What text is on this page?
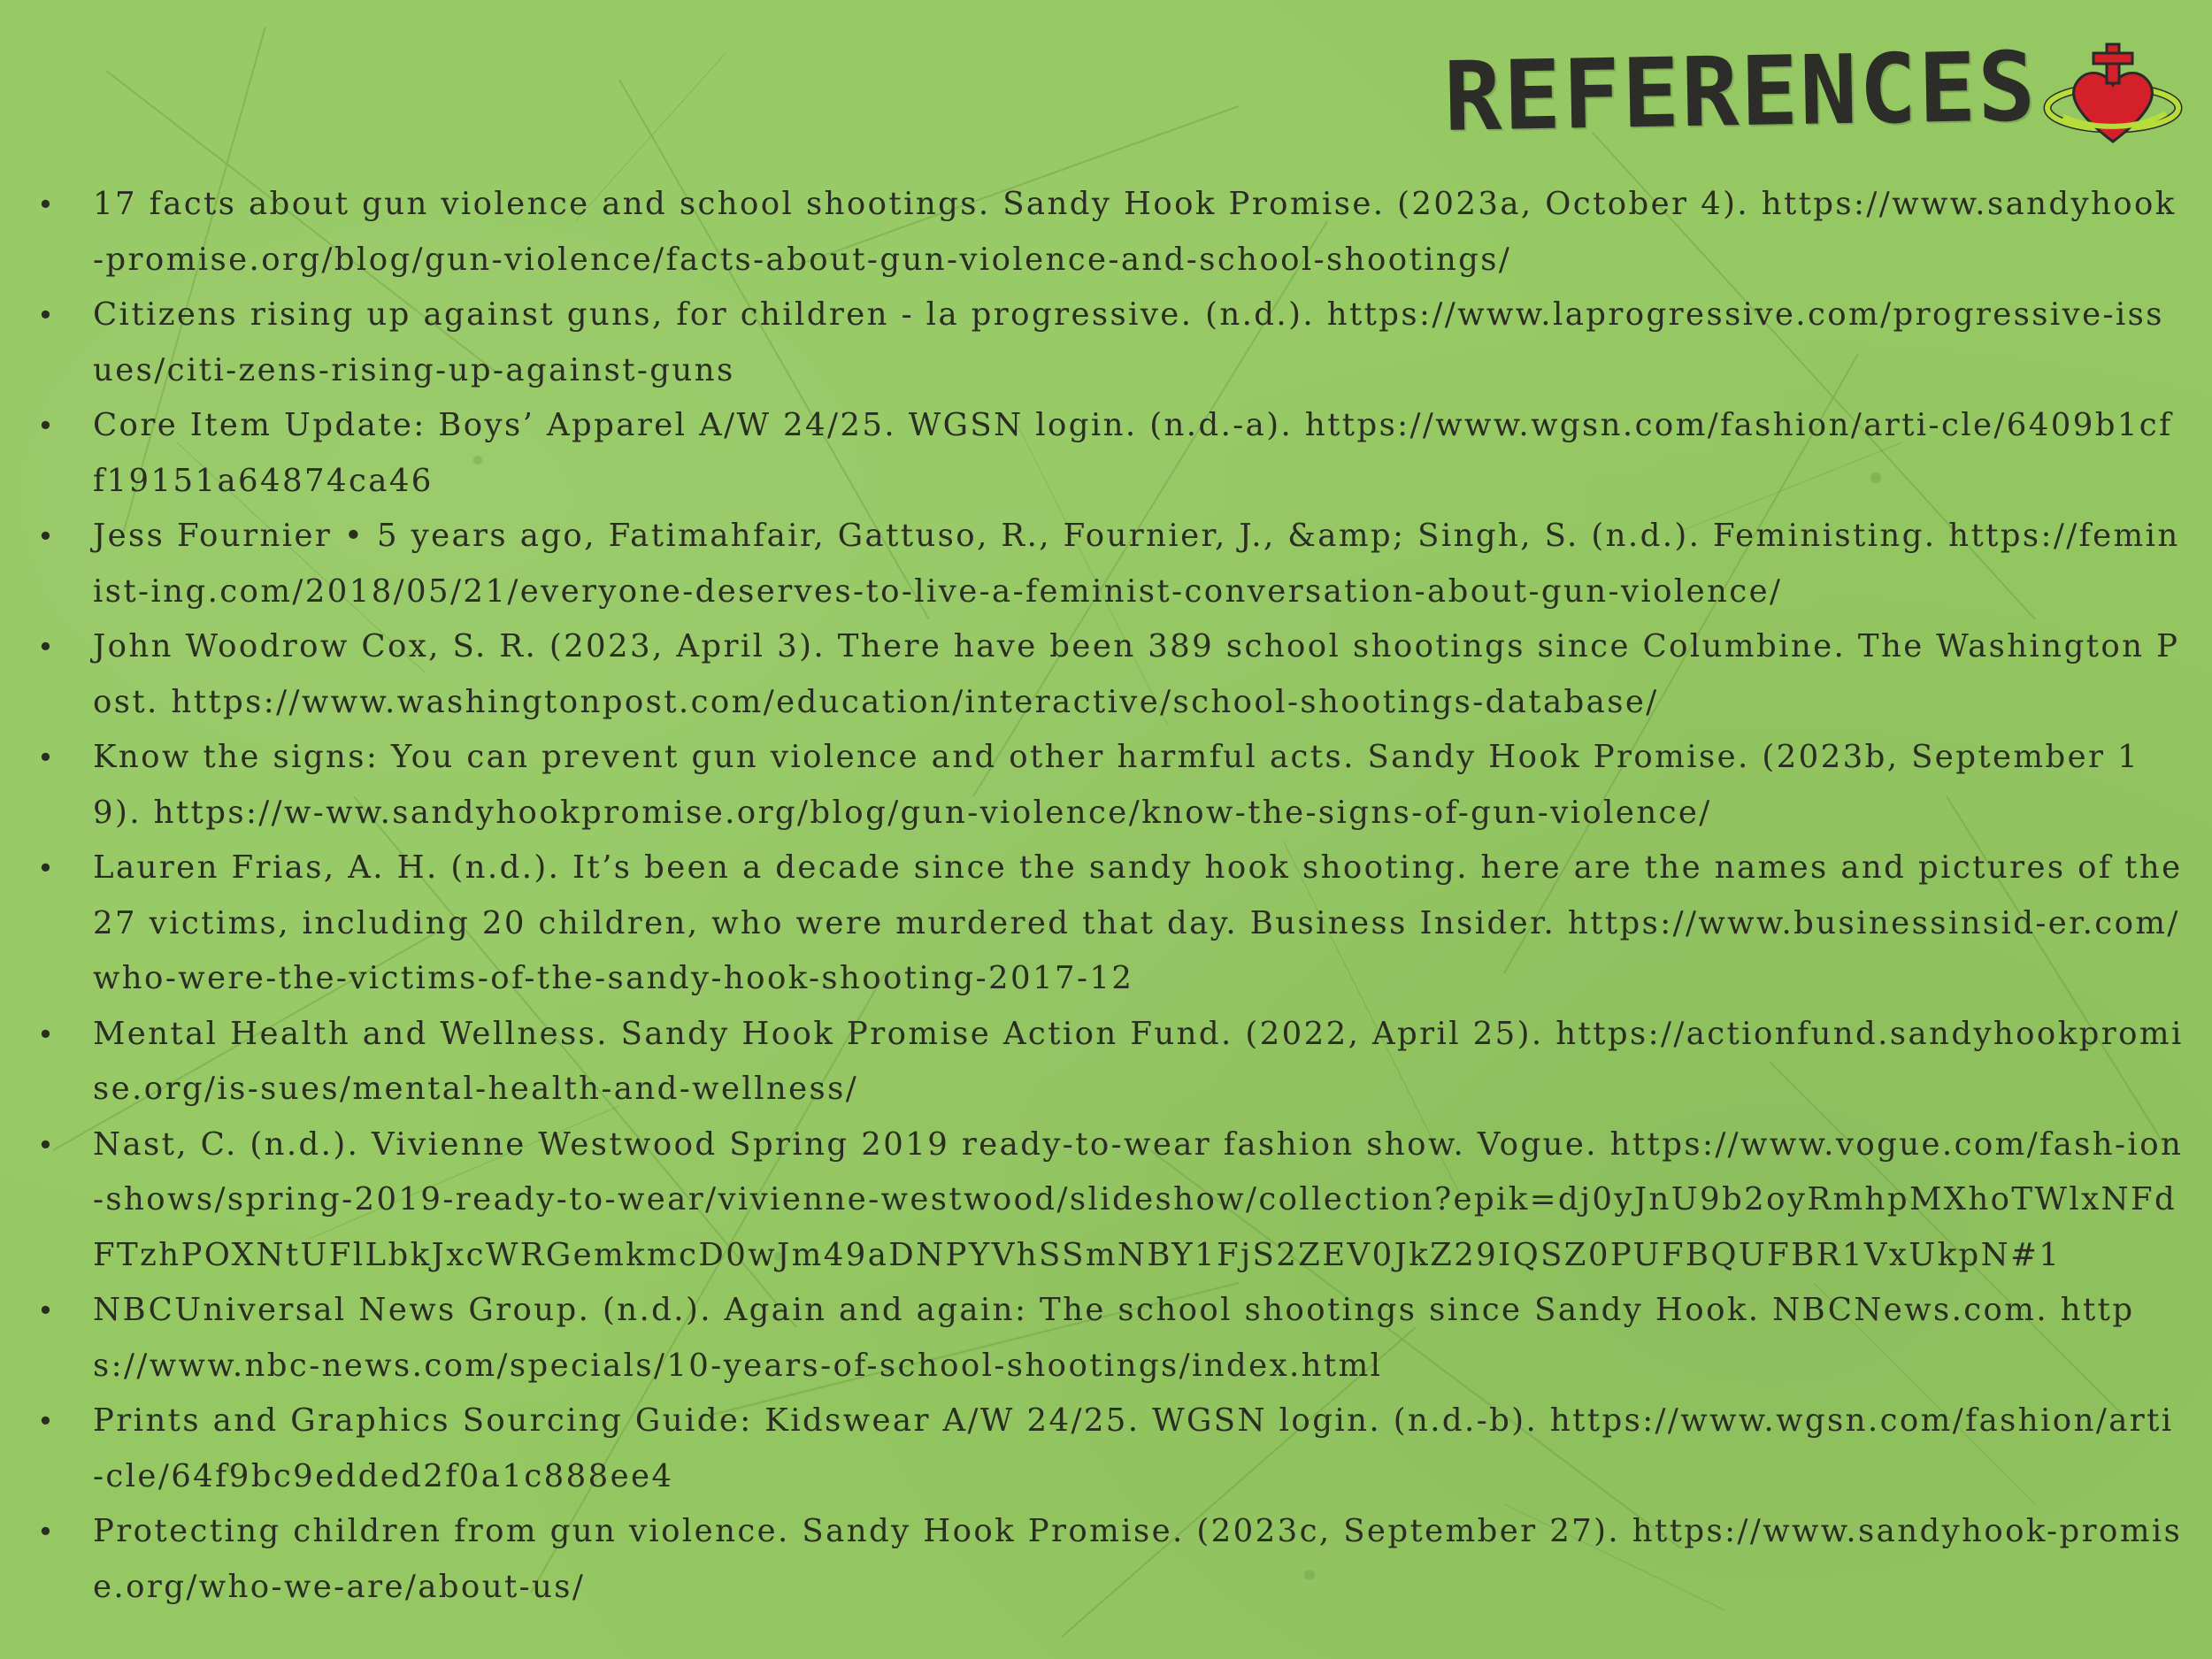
REFERENCES
• 17 facts about gun violence and school shootings. Sandy Hook Promise. (2023a, October 4). https://www.sandyhook-promise.org/blog/gun-violence/facts-about-gun-violence-and-school-shootings/
• Citizens rising up against guns, for children - la progressive. (n.d.). https://www.laprogressive.com/progressive-issues/citi-zens-rising-up-against-guns
• Core Item Update: Boys’ Apparel A/W 24/25. WGSN login. (n.d.-a). https://www.wgsn.com/fashion/arti-cle/6409b1cff19151a64874ca46
• Jess Fournier • 5 years ago, Fatimahfair, Gattuso, R., Fournier, J., &amp; Singh, S. (n.d.). Feministing. https://feminist-ing.com/2018/05/21/everyone-deserves-to-live-a-feminist-conversation-about-gun-violence/
• John Woodrow Cox, S. R. (2023, April 3). There have been 389 school shootings since Columbine. The Washington Post. https://www.washingtonpost.com/education/interactive/school-shootings-database/
• Know the signs: You can prevent gun violence and other harmful acts. Sandy Hook Promise. (2023b, September 19). https://w-ww.sandyhookpromise.org/blog/gun-violence/know-the-signs-of-gun-violence/
• Lauren Frias, A. H. (n.d.). It’s been a decade since the sandy hook shooting. here are the names and pictures of the 27 victims, including 20 children, who were murdered that day. Business Insider. https://www.businessinsid-er.com/who-were-the-victims-of-the-sandy-hook-shooting-2017-12
• Mental Health and Wellness. Sandy Hook Promise Action Fund. (2022, April 25). https://actionfund.sandyhookpromise.org/is-sues/mental-health-and-wellness/
• Nast, C. (n.d.). Vivienne Westwood Spring 2019 ready-to-wear fashion show. Vogue. https://www.vogue.com/fash-ion-shows/spring-2019-ready-to-wear/vivienne-westwood/slideshow/collection?epik=dj0yJnU9b2oyRmhpMXhoTWlxNFdFTzhPOXNtUFlLbkJxcWRGemkmcD0wJm49aDNPYVhSSmNBY1FjS2ZEV0JkZ29IQSZ0PUFBQUFBR1VxUkpN#1
• NBCUniversal News Group. (n.d.). Again and again: The school shootings since Sandy Hook. NBCNews.com. https://www.nbc-news.com/specials/10-years-of-school-shootings/index.html
• Prints and Graphics Sourcing Guide: Kidswear A/W 24/25. WGSN login. (n.d.-b). https://www.wgsn.com/fashion/arti-cle/64f9bc9edded2f0a1c888ee4
• Protecting children from gun violence. Sandy Hook Promise. (2023c, September 27). https://www.sandyhook-promise.org/who-we-are/about-us/
